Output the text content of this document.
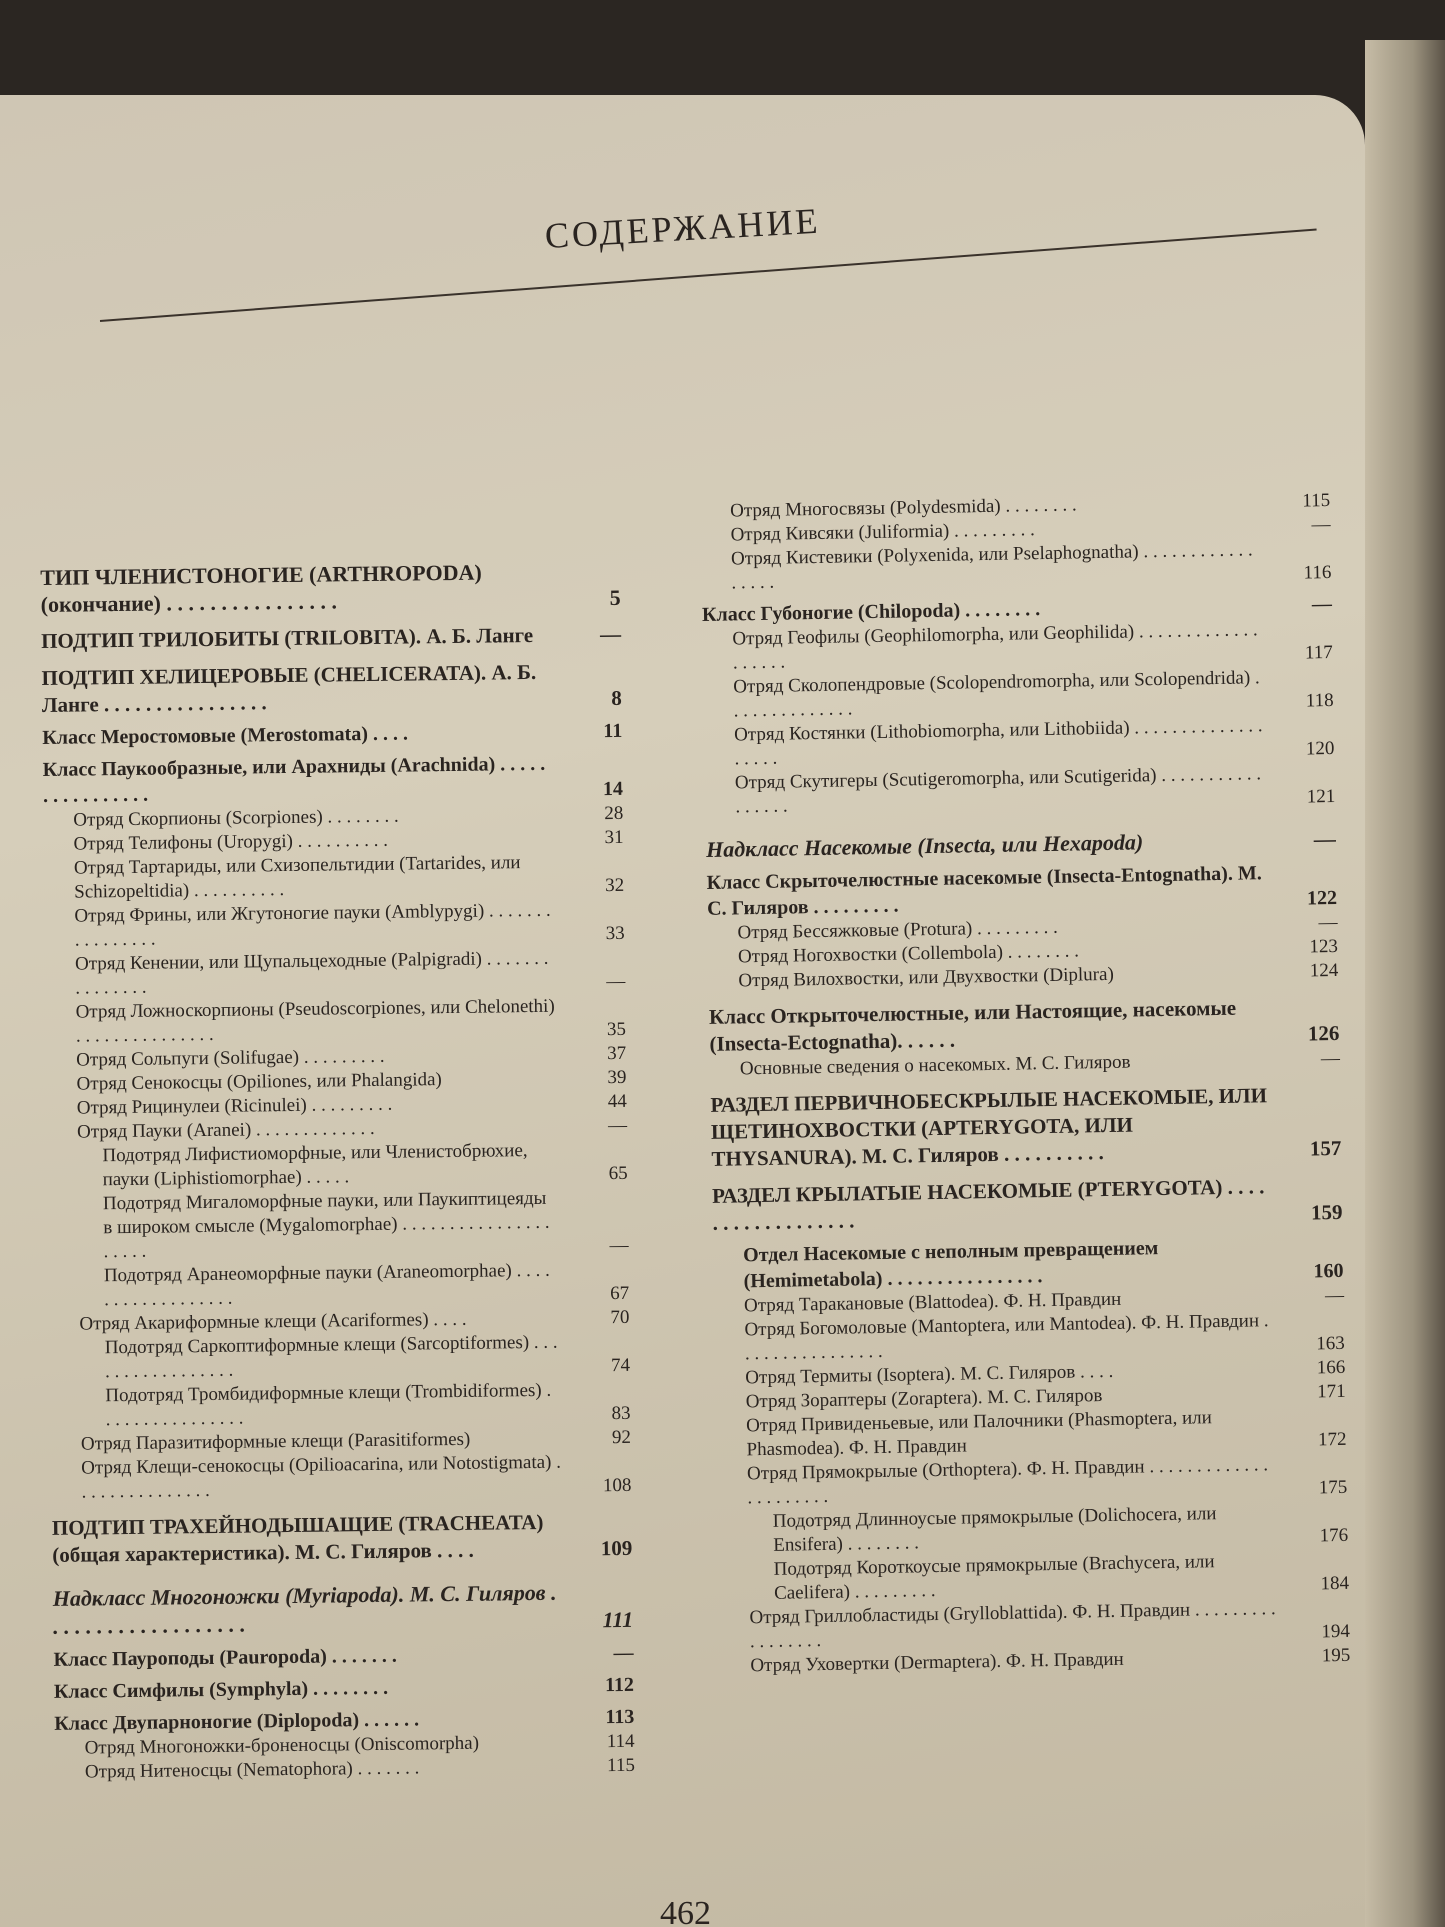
СОДЕРЖАНИЕ
ТИП ЧЛЕНИСТОНОГИЕ (ARTHROPODA) (окончание) . . . . . . . . . . . . . . . .	5
ПОДТИП ТРИЛОБИТЫ (TRILOBITA). А. Б. Ланге	—
ПОДТИП ХЕЛИЦЕРОВЫЕ (CHELICERATA). А. Б. Ланге . . . . . . . . . . . . . . . .	8
Класс Меростомовые (Merostomata) . . . .	11
Класс Паукообразные, или Арахниды (Arachnida) . . . . . . . . . . . . . . . .	14
Отряд Скорпионы (Scorpiones) . . . . . . . .	28
Отряд Телифоны (Uropygi) . . . . . . . . . .	31
Отряд Тартариды, или Схизопельтидии (Tartarides, или Schizopeltidia) . . . . . . . . . .	32
Отряд Фрины, или Жгутоногие пауки (Amblypygi) . . . . . . . . . . . . . . . .	33
Отряд Кенении, или Щупальцеходные (Palpigradi) . . . . . . . . . . . . . . .	—
Отряд Ложноскорпионы (Pseudoscorpiones, или Chelonethi) . . . . . . . . . . . . . . .	35
Отряд Сольпуги (Solifugae) . . . . . . . . .	37
Отряд Сенокосцы (Opiliones, или Phalangida)	39
Отряд Рицинулеи (Ricinulei) . . . . . . . . .	44
Отряд Пауки (Aranei) . . . . . . . . . . . . .	—
Подотряд Лифистиоморфные, или Членистобрюхие, пауки (Liphistiomorphae) . . . . .	65
Подотряд Мигаломорфные пауки, или Паукиптицеяды в широком смысле (Mygalomorphae) . . . . . . . . . . . . . . . . . . . . .	—
Подотряд Аранеоморфные пауки (Araneomorphae) . . . . . . . . . . . . . . . . . .	67
Отряд Акариформные клещи (Acariformes) . . . .	70
Подотряд Саркоптиформные клещи (Sarcoptiformes) . . . . . . . . . . . . . . . . .	74
Подотряд Тромбидиформные клещи (Trombidiformes) . . . . . . . . . . . . . . . .	83
Отряд Паразитиформные клещи (Parasitiformes)	92
Отряд Клещи-сенокосцы (Opilioacarina, или Notostigmata) . . . . . . . . . . . . . . .	108
ПОДТИП ТРАХЕЙНОДЫШАЩИЕ (TRACHEATA) (общая характеристика). М. С. Гиляров . . . .	109
Надкласс Многоножки (Myriapoda). М. С. Гиляров . . . . . . . . . . . . . . . . . . .	111
Класс Пауроподы (Pauropoda) . . . . . . .	—
Класс Симфилы (Symphyla) . . . . . . . .	112
Класс Двупарноногие (Diplopoda) . . . . . .	113
Отряд Многоножки-броненосцы (Oniscomorpha)	114
Отряд Нитеносцы (Nematophora) . . . . . . .	115
Отряд Многосвязы (Polydesmida) . . . . . . . .	115
Отряд Кивсяки (Juliformia) . . . . . . . . .	—
Отряд Кистевики (Polyxenida, или Pselaphognatha) . . . . . . . . . . . . . . . . .	116
Класс Губоногие (Chilopoda) . . . . . . . .	—
Отряд Геофилы (Geophilomorpha, или Geophilida) . . . . . . . . . . . . . . . . . . .	117
Отряд Сколопендровые (Scolopendromorpha, или Scolopendrida) . . . . . . . . . . . . . .	118
Отряд Костянки (Lithobiomorpha, или Lithobiida) . . . . . . . . . . . . . . . . . . .	120
Отряд Скутигеры (Scutigeromorpha, или Scutigerida) . . . . . . . . . . . . . . . . .	121
Надкласс Насекомые (Insecta, или Hexapoda)	—
Класс Скрыточелюстные насекомые (Insecta-Entognatha). М. С. Гиляров . . . . . . . . .	122
Отряд Бессяжковые (Protura) . . . . . . . . .	—
Отряд Ногохвостки (Collembola) . . . . . . . .	123
Отряд Вилохвостки, или Двухвостки (Diplura)	124
Класс Открыточелюстные, или Настоящие, насекомые (Insecta-Ectognatha). . . . . .	126
Основные сведения о насекомых. М. С. Гиляров	—
РАЗДЕЛ ПЕРВИЧНОБЕСКРЫЛЫЕ НАСЕКОМЫЕ, ИЛИ ЩЕТИНОХВОСТКИ (APTERYGOTA, ИЛИ THYSANURA). М. С. Гиляров . . . . . . . . . .	157
РАЗДЕЛ КРЫЛАТЫЕ НАСЕКОМЫЕ (PTERYGOTA) . . . . . . . . . . . . . . . . . .	159
Отдел Насекомые с неполным превращением (Hemimetabola) . . . . . . . . . . . . . . . .	160
Отряд Таракановые (Blattodea). Ф. Н. Правдин	—
Отряд Богомоловые (Mantoptera, или Mantodea). Ф. Н. Правдин . . . . . . . . . . . . . . . .	163
Отряд Термиты (Isoptera). М. С. Гиляров . . . .	166
Отряд Зораптеры (Zoraptera). М. С. Гиляров	171
Отряд Привиденьевые, или Палочники (Phasmoptera, или Phasmodea). Ф. Н. Правдин	172
Отряд Прямокрылые (Orthoptera). Ф. Н. Правдин . . . . . . . . . . . . . . . . . . . . . .	175
Подотряд Длинноусые прямокрылые (Dolichocera, или Ensifera) . . . . . . . .	176
Подотряд Короткоусые прямокрылые (Brachycera, или Caelifera) . . . . . . . . .	184
Отряд Гриллобластиды (Grylloblattida). Ф. Н. Правдин . . . . . . . . . . . . . . . . .	194
Отряд Уховертки (Dermaptera). Ф. Н. Правдин	195
462
